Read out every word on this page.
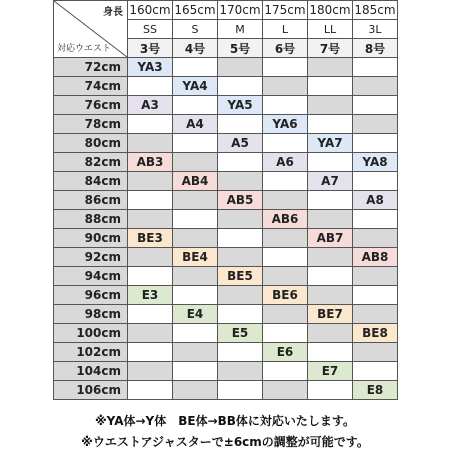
身長
対応ウエスト	160cm	165cm	170cm	175cm	180cm	185cm
	SS	S	M	L	LL	3L
	3号	4号	5号	6号	7号	8号
72cm	YA3					
74cm		YA4				
76cm	A3		YA5			
78cm		A4		YA6		
80cm			A5		YA7	
82cm	AB3			A6		YA8
84cm		AB4			A7	
86cm			AB5			A8
88cm				AB6		
90cm	BE3				AB7	
92cm		BE4				AB8
94cm			BE5			
96cm	E3			BE6		
98cm		E4			BE7	
100cm			E5			BE8
102cm				E6		
104cm					E7	
106cm						E8
※YA体→Y体　BE体→BB体に対応いたします。
※ウエストアジャスターで±6cmの調整が可能です。
